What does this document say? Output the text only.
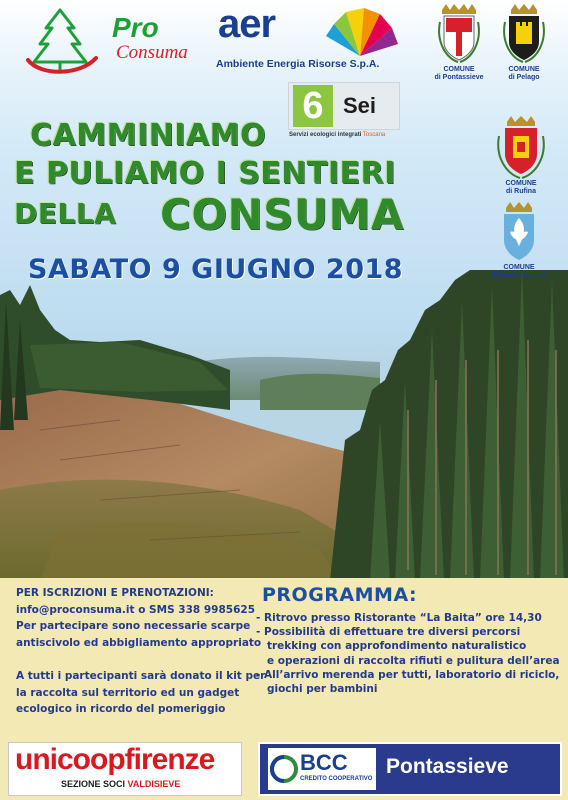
Pro
Consuma
aer
Ambiente Energia Risorse S.p.A.
6 Sei
Servizi ecologici integrati Toscana
COMUNE
di Pontassieve
COMUNE
di Pelago
COMUNE
di Rufina
COMUNE
di Montemignaio
CAMMINIAMO
E PULIAMO I SENTIERI
DELLA CONSUMA
SABATO 9 GIUGNO 2018
PER ISCRIZIONI E PRENOTAZIONI:
info@proconsuma.it o SMS 338 9985625
Per partecipare sono necessarie scarpe
antiscivolo ed abbigliamento appropriato
A tutti i partecipanti sarà donato il kit per
la raccolta sul territorio ed un gadget
ecologico in ricordo del pomeriggio
PROGRAMMA:
- Ritrovo presso Ristorante “La Baita” ore 14,30
- Possibilità di effettuare tre diversi percorsi
trekking con approfondimento naturalistico
e operazioni di raccolta rifiuti e pulitura dell’area
- All’arrivo merenda per tutti, laboratorio di riciclo,
giochi per bambini
unicoopfirenze
SEZIONE SOCI VALDISIEVE
BCC
CREDITO COOPERATIVO
Pontassieve
